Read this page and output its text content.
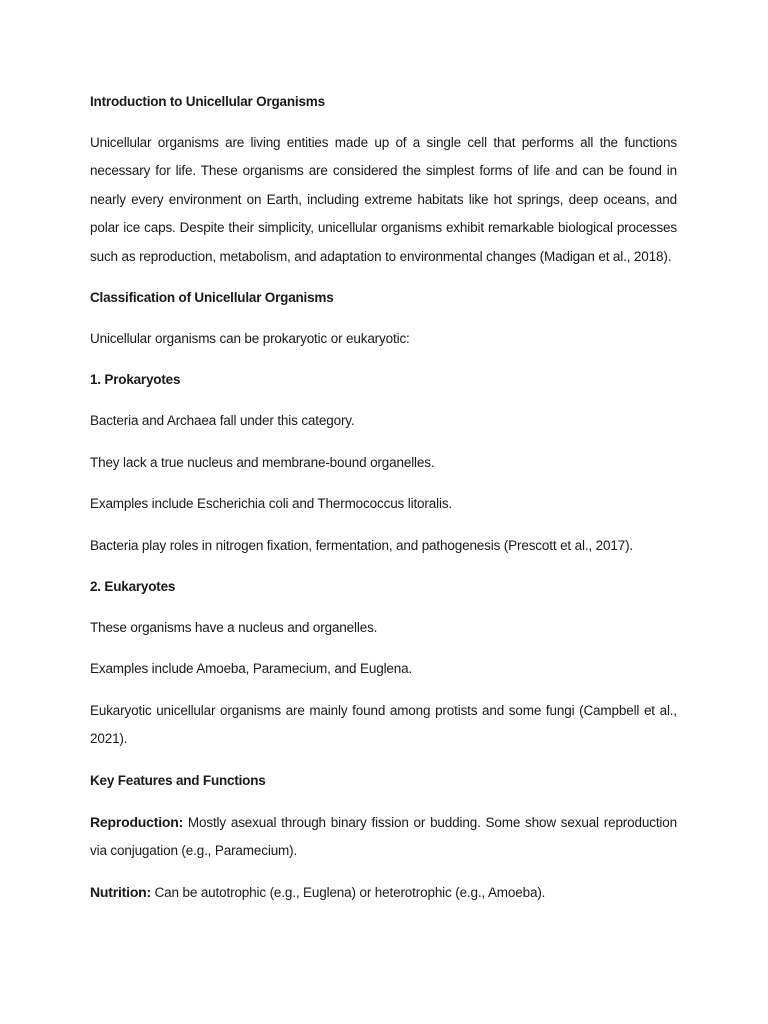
Introduction to Unicellular Organisms
Unicellular organisms are living entities made up of a single cell that performs all the functions necessary for life. These organisms are considered the simplest forms of life and can be found in nearly every environment on Earth, including extreme habitats like hot springs, deep oceans, and polar ice caps. Despite their simplicity, unicellular organisms exhibit remarkable biological processes such as reproduction, metabolism, and adaptation to environmental changes (Madigan et al., 2018).
Classification of Unicellular Organisms
Unicellular organisms can be prokaryotic or eukaryotic:
1. Prokaryotes
Bacteria and Archaea fall under this category.
They lack a true nucleus and membrane-bound organelles.
Examples include Escherichia coli and Thermococcus litoralis.
Bacteria play roles in nitrogen fixation, fermentation, and pathogenesis (Prescott et al., 2017).
2. Eukaryotes
These organisms have a nucleus and organelles.
Examples include Amoeba, Paramecium, and Euglena.
Eukaryotic unicellular organisms are mainly found among protists and some fungi (Campbell et al., 2021).
Key Features and Functions
Reproduction: Mostly asexual through binary fission or budding. Some show sexual reproduction via conjugation (e.g., Paramecium).
Nutrition: Can be autotrophic (e.g., Euglena) or heterotrophic (e.g., Amoeba).
